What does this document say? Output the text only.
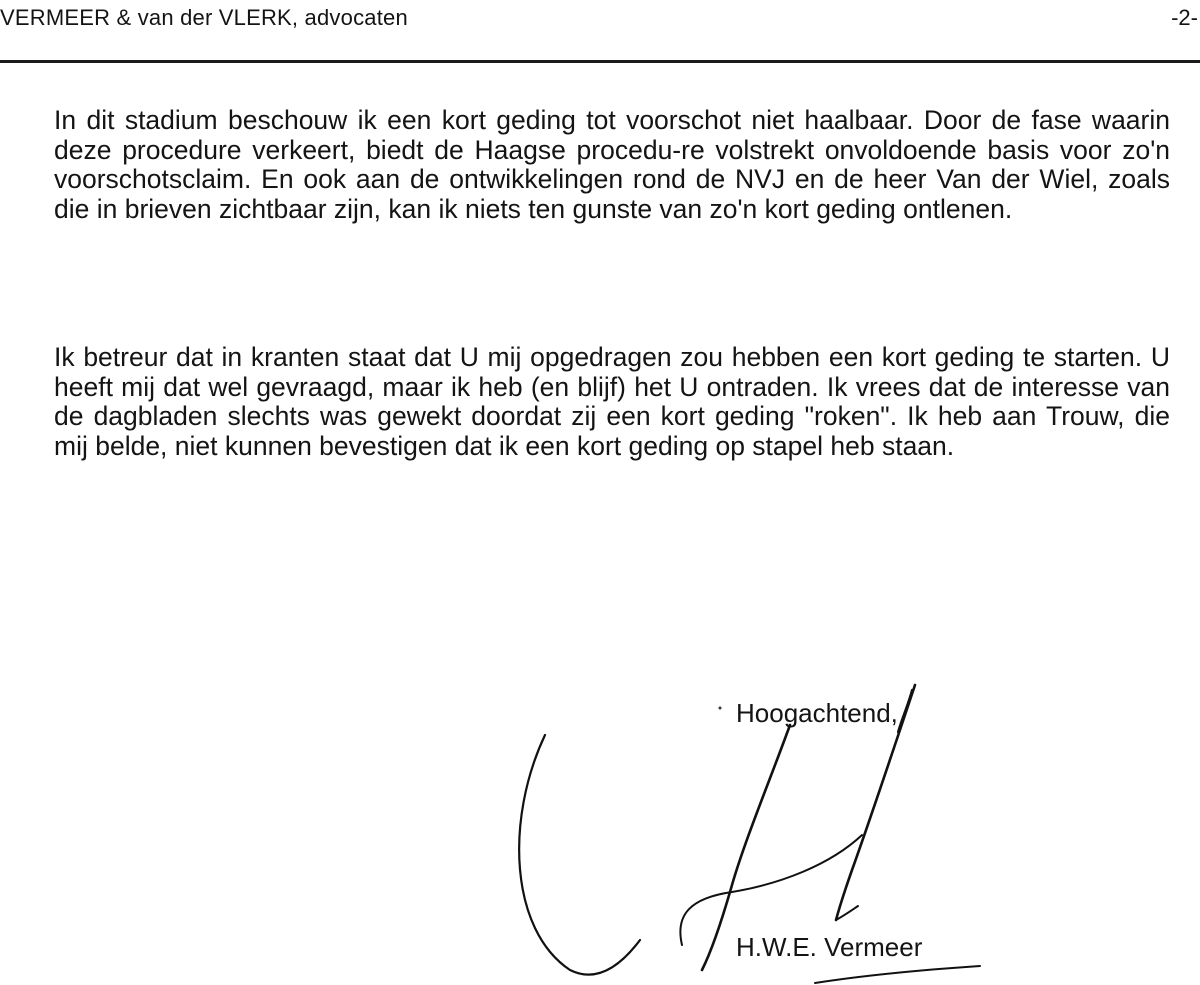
VERMEER & van der VLERK, advocaten	-2-

In dit stadium beschouw ik een kort geding tot voorschot niet haalbaar. Door de fase waarin deze procedure verkeert, biedt de Haagse procedu-re volstrekt onvoldoende basis voor zo'n voorschotsclaim. En ook aan de ontwikkelingen rond de NVJ en de heer Van der Wiel, zoals die in brieven zichtbaar zijn, kan ik niets ten gunste van zo'n kort geding ontlenen.

Ik betreur dat in kranten staat dat U mij opgedragen zou hebben een kort geding te starten. U heeft mij dat wel gevraagd, maar ik heb (en blijf) het U ontraden. Ik vrees dat de interesse van de dagbladen slechts was gewekt doordat zij een kort geding "roken". Ik heb aan Trouw, die mij belde, niet kunnen bevestigen dat ik een kort geding op stapel heb staan.

Hoogachtend,
H.W.E. Vermeer
